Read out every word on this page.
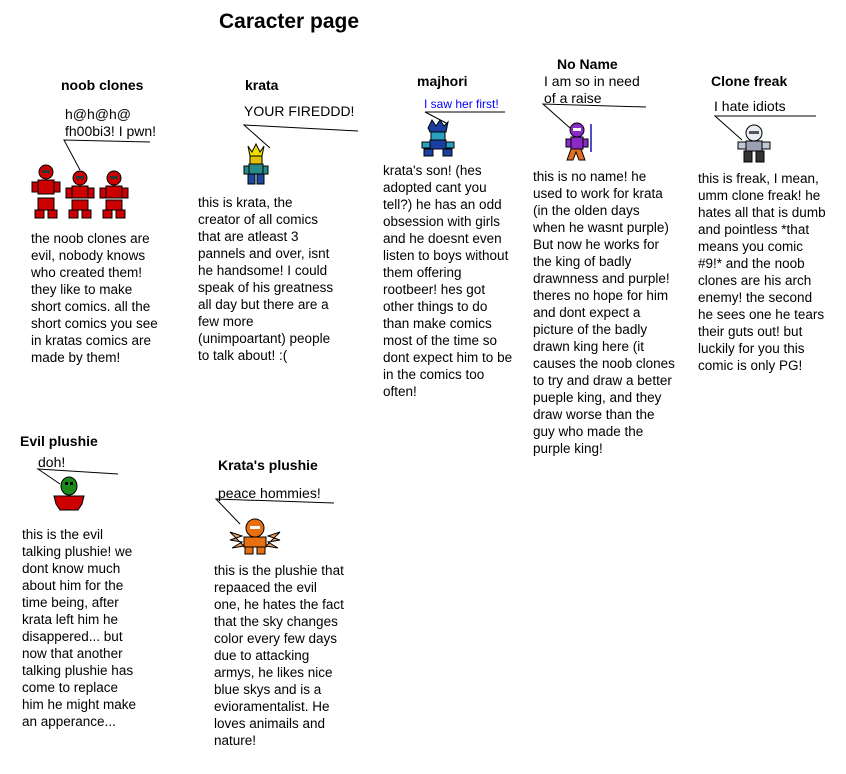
Caracter page
noob clones
h@h@h@
fh00bi3! I pwn!
the noob clones are evil, nobody knows who created them! they like to make short comics. all the short comics you see in kratas comics are made by them!
krata
YOUR FIREDDD!
this is krata, the creator of all comics that are atleast 3 pannels and over, isnt he handsome! I could speak of his greatness all day but there are a few more (unimpoartant) people to talk about! :(
majhori
I saw her first!
krata's son! (hes adopted cant you tell?) he has an odd obsession with girls and he doesnt even listen to boys without them offering rootbeer! hes got other things to do than make comics most of the time so dont expect him to be in the comics too often!
No Name
I am so in need
of a raise
this is no name! he used to work for krata (in the olden days when he wasnt purple) But now he works for the king of badly drawnness and purple! theres no hope for him and dont expect a picture of the badly drawn king here (it causes the noob clones to try and draw a better pueple king, and they draw worse than the guy who made the purple king!
Clone freak
I hate idiots
this is freak, I mean, umm clone freak! he hates all that is dumb and pointless *that means you comic #9!* and the noob clones are his arch enemy! the second he sees one he tears their guts out! but luckily for you this comic is only PG!
Evil plushie
doh!
this is the evil talking plushie! we dont know much about him for the time being, after krata left him he disappered... but now that another talking plushie has come to replace him he might make an apperance...
Krata's plushie
peace hommies!
this is the plushie that repaaced the evil one, he hates the fact that the sky changes color every few days due to attacking armys, he likes nice blue skys and is a evioramentalist. He loves animails and nature!
